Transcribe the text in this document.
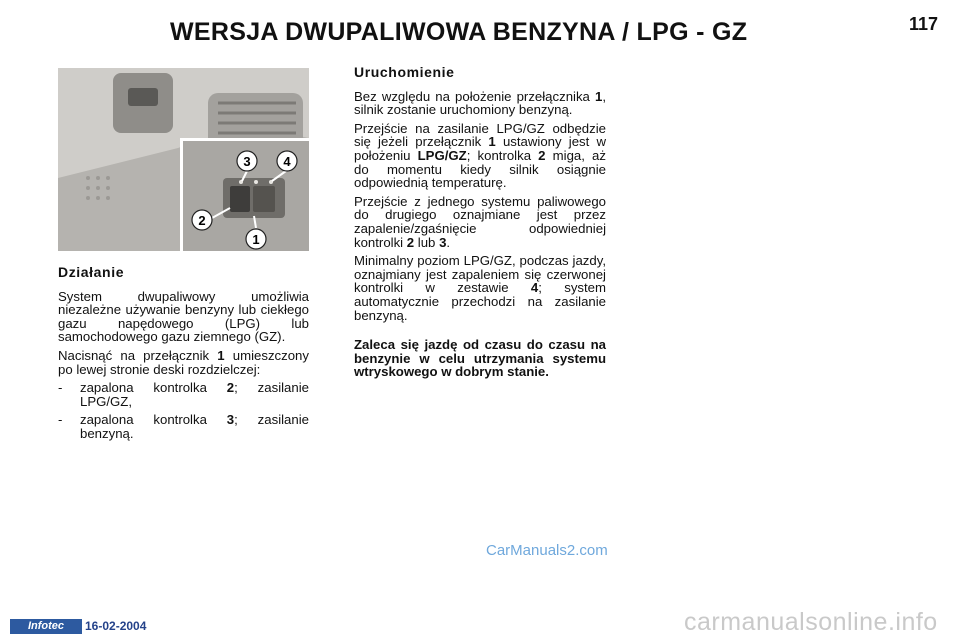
WERSJA DWUPALIWOWA BENZYNA / LPG - GZ	117
3	4
2
1
Działanie

System dwupaliwowy umożliwia niezależne używanie benzyny lub ciekłego gazu napędowego (LPG) lub samochodowego gazu ziemnego (GZ).

Nacisnąć na przełącznik 1 umieszczony po lewej stronie deski rozdzielczej:

-	zapalona kontrolka 2; zasilanie LPG/GZ,
-	zapalona kontrolka 3; zasilanie benzyną.
Uruchomienie

Bez względu na położenie przełącznika 1, silnik zostanie uruchomiony benzyną.

Przejście na zasilanie LPG/GZ odbędzie się jeżeli przełącznik 1 ustawiony jest w położeniu LPG/GZ; kontrolka 2 miga, aż do momentu kiedy silnik osiągnie odpowiednią temperaturę.

Przejście z jednego systemu paliwowego do drugiego oznajmiane jest przez zapalenie/zgaśnięcie odpowiedniej kontrolki 2 lub 3.

Minimalny poziom LPG/GZ, podczas jazdy, oznajmiany jest zapaleniem się czerwonej kontrolki w zestawie 4; system automatycznie przechodzi na zasilanie benzyną.

Zaleca się jazdę od czasu do czasu na benzynie w celu utrzymania systemu wtryskowego w dobrym stanie.

CarManuals2.com
Infotec	16-02-2004	carmanualsonline.info
